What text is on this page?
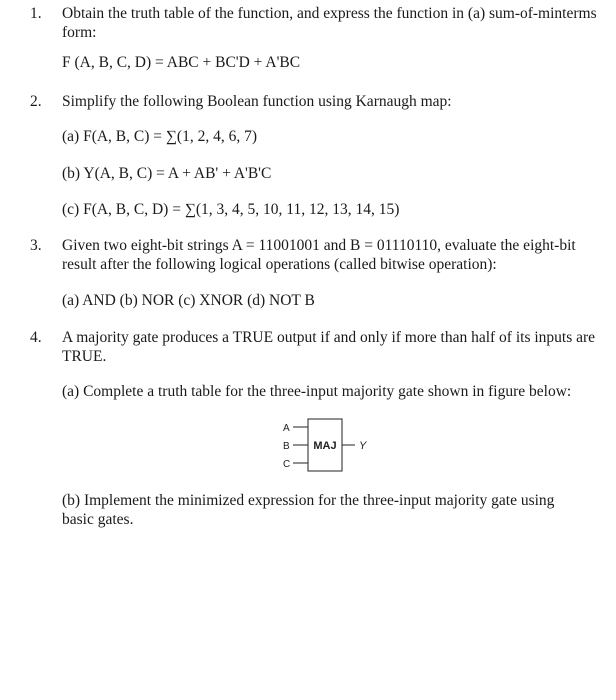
1.	Obtain the truth table of the function, and express the function in (a) sum-of-minterms form:
F (A, B, C, D) = ABC + BC'D + A'BC
2.	Simplify the following Boolean function using Karnaugh map:
(a) F(A, B, C) = ∑(1, 2, 4, 6, 7)
(b) Y(A, B, C) = A + AB' + A'B'C
(c) F(A, B, C, D) = ∑(1, 3, 4, 5, 10, 11, 12, 13, 14, 15)
3.	Given two eight-bit strings A = 11001001 and B = 01110110, evaluate the eight-bit result after the following logical operations (called bitwise operation):
(a) AND (b) NOR (c) XNOR (d) NOT B
4.	A majority gate produces a TRUE output if and only if more than half of its inputs are TRUE.
(a) Complete a truth table for the three-input majority gate shown in figure below:
A
B
C
MAJ Y
(b) Implement the minimized expression for the three-input majority gate using basic gates.
